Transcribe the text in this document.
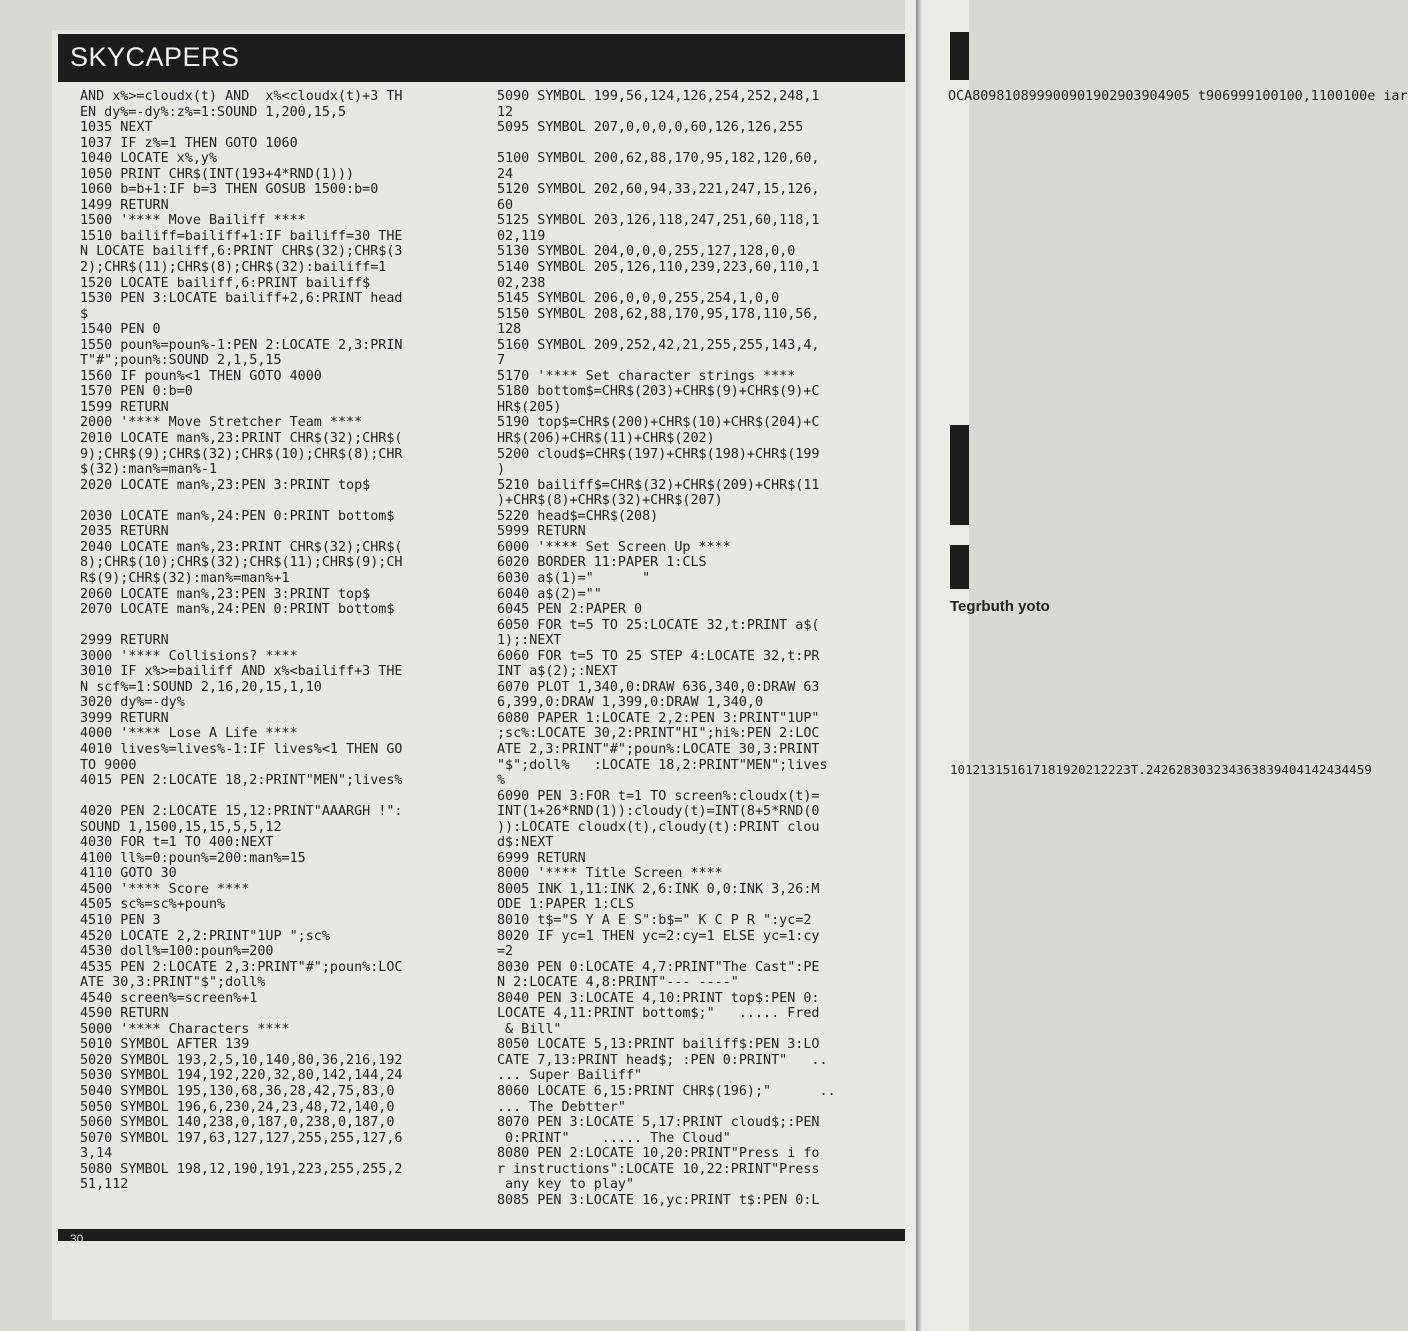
SKYCAPERS
AND x%>=cloudx(t) AND  x%<cloudx(t)+3 TH
EN dy%=-dy%:z%=1:SOUND 1,200,15,5
1035 NEXT
1037 IF z%=1 THEN GOTO 1060
1040 LOCATE x%,y%
1050 PRINT CHR$(INT(193+4*RND(1)))
1060 b=b+1:IF b=3 THEN GOSUB 1500:b=0
1499 RETURN
1500 '**** Move Bailiff ****
1510 bailiff=bailiff+1:IF bailiff=30 THE
N LOCATE bailiff,6:PRINT CHR$(32);CHR$(3
2);CHR$(11);CHR$(8);CHR$(32):bailiff=1
1520 LOCATE bailiff,6:PRINT bailiff$
1530 PEN 3:LOCATE bailiff+2,6:PRINT head
$
1540 PEN 0
1550 poun%=poun%-1:PEN 2:LOCATE 2,3:PRIN
T"#";poun%:SOUND 2,1,5,15
1560 IF poun%<1 THEN GOTO 4000
1570 PEN 0:b=0
1599 RETURN
2000 '**** Move Stretcher Team ****
2010 LOCATE man%,23:PRINT CHR$(32);CHR$(
9);CHR$(9);CHR$(32);CHR$(10);CHR$(8);CHR
$(32):man%=man%-1
2020 LOCATE man%,23:PEN 3:PRINT top$

2030 LOCATE man%,24:PEN 0:PRINT bottom$
2035 RETURN
2040 LOCATE man%,23:PRINT CHR$(32);CHR$(
8);CHR$(10);CHR$(32);CHR$(11);CHR$(9);CH
R$(9);CHR$(32):man%=man%+1
2060 LOCATE man%,23:PEN 3:PRINT top$
2070 LOCATE man%,24:PEN 0:PRINT bottom$

2999 RETURN
3000 '**** Collisions? ****
3010 IF x%>=bailiff AND x%<bailiff+3 THE
N scf%=1:SOUND 2,16,20,15,1,10
3020 dy%=-dy%
3999 RETURN
4000 '**** Lose A Life ****
4010 lives%=lives%-1:IF lives%<1 THEN GO
TO 9000
4015 PEN 2:LOCATE 18,2:PRINT"MEN";lives%

4020 PEN 2:LOCATE 15,12:PRINT"AAARGH !":
SOUND 1,1500,15,15,5,5,12
4030 FOR t=1 TO 400:NEXT
4100 ll%=0:poun%=200:man%=15
4110 GOTO 30
4500 '**** Score ****
4505 sc%=sc%+poun%
4510 PEN 3
4520 LOCATE 2,2:PRINT"1UP ";sc%
4530 doll%=100:poun%=200
4535 PEN 2:LOCATE 2,3:PRINT"#";poun%:LOC
ATE 30,3:PRINT"$";doll%
4540 screen%=screen%+1
4590 RETURN
5000 '**** Characters ****
5010 SYMBOL AFTER 139
5020 SYMBOL 193,2,5,10,140,80,36,216,192
5030 SYMBOL 194,192,220,32,80,142,144,24
5040 SYMBOL 195,130,68,36,28,42,75,83,0
5050 SYMBOL 196,6,230,24,23,48,72,140,0
5060 SYMBOL 140,238,0,187,0,238,0,187,0
5070 SYMBOL 197,63,127,127,255,255,127,6
3,14
5080 SYMBOL 198,12,190,191,223,255,255,2
51,112
5090 SYMBOL 199,56,124,126,254,252,248,1
12
5095 SYMBOL 207,0,0,0,0,60,126,126,255

5100 SYMBOL 200,62,88,170,95,182,120,60,
24
5120 SYMBOL 202,60,94,33,221,247,15,126,
60
5125 SYMBOL 203,126,118,247,251,60,118,1
02,119
5130 SYMBOL 204,0,0,0,255,127,128,0,0
5140 SYMBOL 205,126,110,239,223,60,110,1
02,238
5145 SYMBOL 206,0,0,0,255,254,1,0,0
5150 SYMBOL 208,62,88,170,95,178,110,56,
128
5160 SYMBOL 209,252,42,21,255,255,143,4,
7
5170 '**** Set character strings ****
5180 bottom$=CHR$(203)+CHR$(9)+CHR$(9)+C
HR$(205)
5190 top$=CHR$(200)+CHR$(10)+CHR$(204)+C
HR$(206)+CHR$(11)+CHR$(202)
5200 cloud$=CHR$(197)+CHR$(198)+CHR$(199
)
5210 bailiff$=CHR$(32)+CHR$(209)+CHR$(11
)+CHR$(8)+CHR$(32)+CHR$(207)
5220 head$=CHR$(208)
5999 RETURN
6000 '**** Set Screen Up ****
6020 BORDER 11:PAPER 1:CLS
6030 a$(1)="      "
6040 a$(2)=""
6045 PEN 2:PAPER 0
6050 FOR t=5 TO 25:LOCATE 32,t:PRINT a$(
1);:NEXT
6060 FOR t=5 TO 25 STEP 4:LOCATE 32,t:PR
INT a$(2);:NEXT
6070 PLOT 1,340,0:DRAW 636,340,0:DRAW 63
6,399,0:DRAW 1,399,0:DRAW 1,340,0
6080 PAPER 1:LOCATE 2,2:PEN 3:PRINT"1UP"
;sc%:LOCATE 30,2:PRINT"HI";hi%:PEN 2:LOC
ATE 2,3:PRINT"#";poun%:LOCATE 30,3:PRINT
"$";doll%   :LOCATE 18,2:PRINT"MEN";lives
%
6090 PEN 3:FOR t=1 TO screen%:cloudx(t)=
INT(1+26*RND(1)):cloudy(t)=INT(8+5*RND(0
)):LOCATE cloudx(t),cloudy(t):PRINT clou
d$:NEXT
6999 RETURN
8000 '**** Title Screen ****
8005 INK 1,11:INK 2,6:INK 0,0:INK 3,26:M
ODE 1:PAPER 1:CLS
8010 t$="S Y A E S":b$=" K C P R ":yc=2
8020 IF yc=1 THEN yc=2:cy=1 ELSE yc=1:cy
=2
8030 PEN 0:LOCATE 4,7:PRINT"The Cast":PE
N 2:LOCATE 4,8:PRINT"--- ----"
8040 PEN 3:LOCATE 4,10:PRINT top$:PEN 0:
LOCATE 4,11:PRINT bottom$;"   ..... Fred
& Bill"
8050 LOCATE 5,13:PRINT bailiff$:PEN 3:LO
CATE 7,13:PRINT head$; :PEN 0:PRINT"   ..
... Super Bailiff"
8060 LOCATE 6,15:PRINT CHR$(196);"      ..
... The Debtter"
8070 PEN 3:LOCATE 5,17:PRINT cloud$;:PEN
0:PRINT"    ..... The Cloud"
8080 PEN 2:LOCATE 10,20:PRINT"Press i fo
r instructions":LOCATE 10,22:PRINT"Press
any key to play"
8085 PEN 3:LOCATE 16,yc:PRINT t$:PEN 0:L
30
OCA809810899900901902903904905 t906999100100,1100100e iar
Tegrbuth yoto
101213151617181920212223T.242628303234363839404142434459
